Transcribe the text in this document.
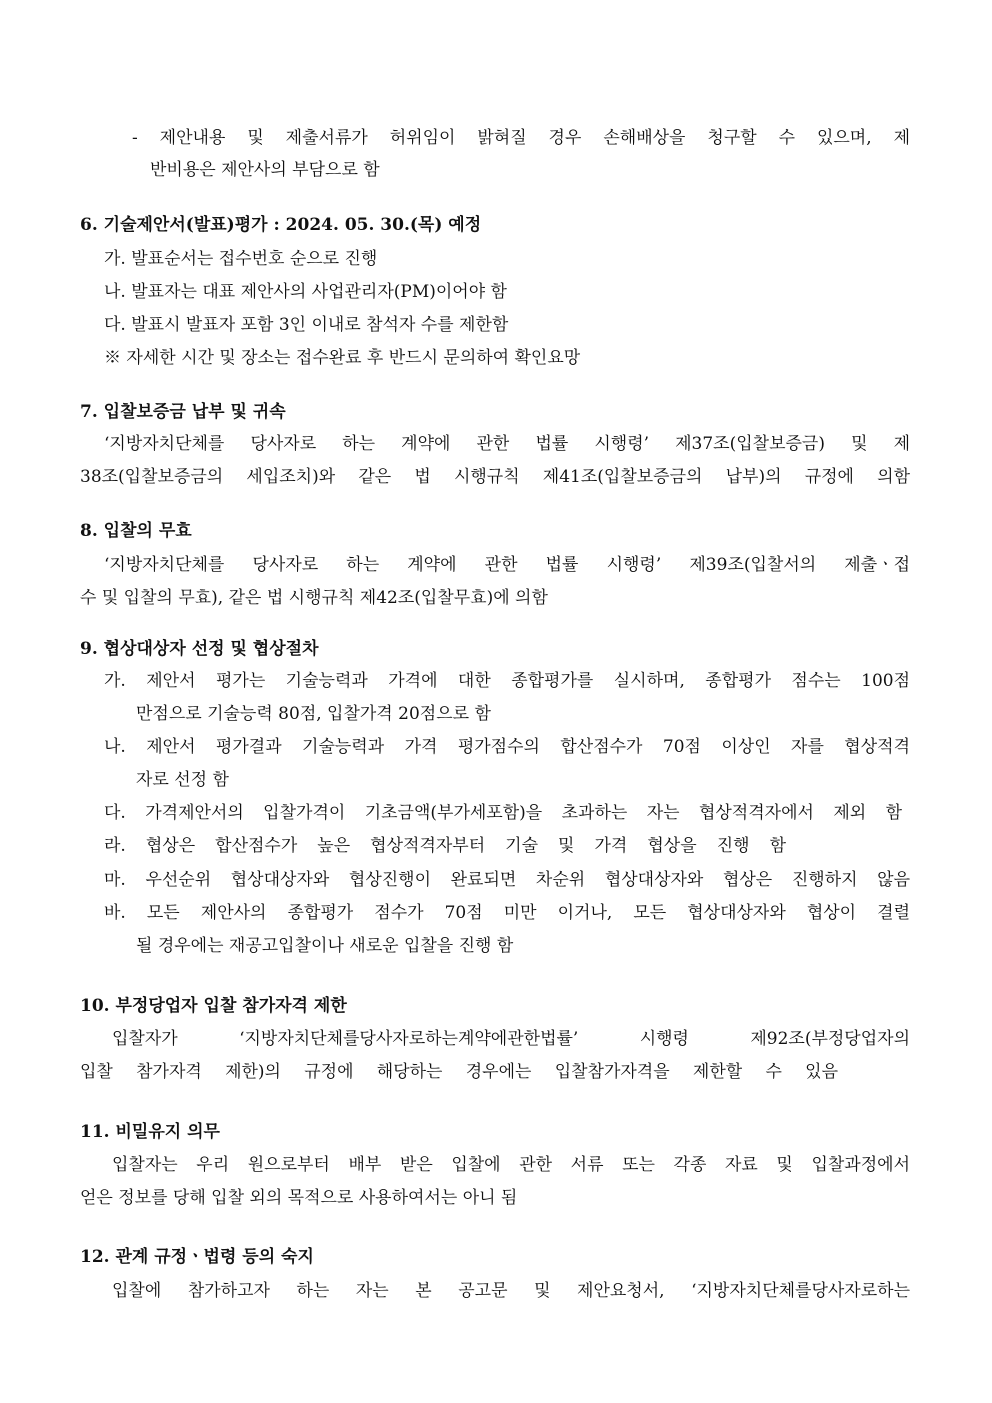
- 제안내용 및 제출서류가 허위임이 밝혀질 경우 손해배상을 청구할 수 있으며, 제
반비용은 제안사의 부담으로 함
6. 기술제안서(발표)평가 : 2024. 05. 30.(목) 예정
가. 발표순서는 접수번호 순으로 진행
나. 발표자는 대표 제안사의 사업관리자(PM)이어야 함
다. 발표시 발표자 포함 3인 이내로 참석자 수를 제한함
※ 자세한 시간 및 장소는 접수완료 후 반드시 문의하여 확인요망
7. 입찰보증금 납부 및 귀속
‘지방자치단체를 당사자로 하는 계약에 관한 법률 시행령’ 제37조(입찰보증금) 및 제
38조(입찰보증금의 세입조치)와 같은 법 시행규칙 제41조(입찰보증금의 납부)의 규정에 의함
8. 입찰의 무효
‘지방자치단체를 당사자로 하는 계약에 관한 법률 시행령’ 제39조(입찰서의 제출ㆍ접
수 및 입찰의 무효), 같은 법 시행규칙 제42조(입찰무효)에 의함
9. 협상대상자 선정 및 협상절차
가. 제안서 평가는 기술능력과 가격에 대한 종합평가를 실시하며, 종합평가 점수는 100점
만점으로 기술능력 80점, 입찰가격 20점으로 함
나. 제안서 평가결과 기술능력과 가격 평가점수의 합산점수가 70점 이상인 자를 협상적격
자로 선정 함
다. 가격제안서의 입찰가격이 기초금액(부가세포함)을 초과하는 자는 협상적격자에서 제외 함
라. 협상은 합산점수가 높은 협상적격자부터 기술 및 가격 협상을 진행 함
마. 우선순위 협상대상자와 협상진행이 완료되면 차순위 협상대상자와 협상은 진행하지 않음
바. 모든 제안사의 종합평가 점수가 70점 미만 이거나, 모든 협상대상자와 협상이 결렬
될 경우에는 재공고입찰이나 새로운 입찰을 진행 함
10. 부정당업자 입찰 참가자격 제한
입찰자가 ‘지방자치단체를당사자로하는계약에관한법률’ 시행령 제92조(부정당업자의
입찰 참가자격 제한)의 규정에 해당하는 경우에는 입찰참가자격을 제한할 수 있음
11. 비밀유지 의무
입찰자는 우리 원으로부터 배부 받은 입찰에 관한 서류 또는 각종 자료 및 입찰과정에서
얻은 정보를 당해 입찰 외의 목적으로 사용하여서는 아니 됨
12. 관계 규정ㆍ법령 등의 숙지
입찰에 참가하고자 하는 자는 본 공고문 및 제안요청서, ‘지방자치단체를당사자로하는
